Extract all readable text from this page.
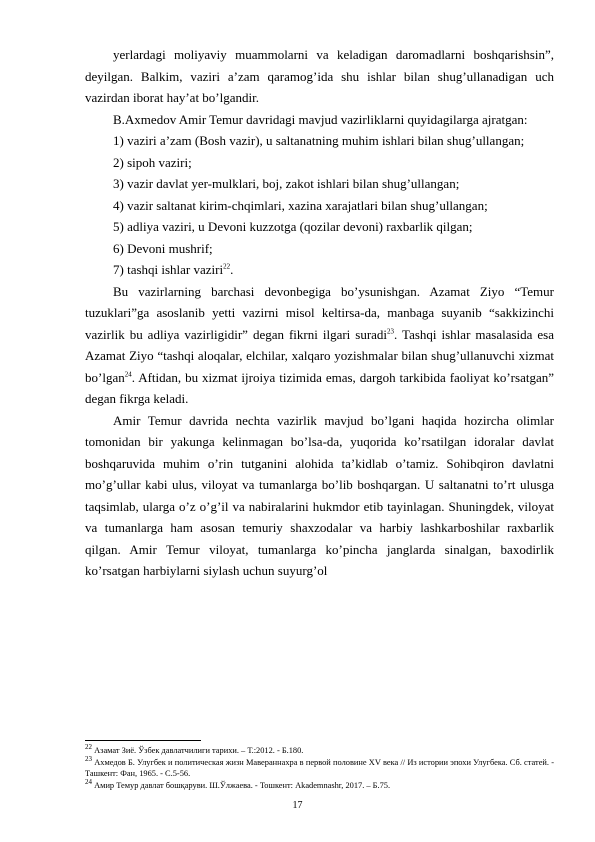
yerlardagi moliyaviy muammolarni va keladigan daromadlarni boshqarishsin”, deyilgan. Balkim, vaziri a’zam qaramog’ida shu ishlar bilan shug’ullanadigan uch vazirdan iborat hay’at bo’lgandir.

B.Axmedov Amir Temur davridagi mavjud vazirliklarni quyidagilarga ajratgan:

1) vaziri a’zam (Bosh vazir), u saltanatning muhim ishlari bilan shug’ullangan;

2) sipoh vaziri;

3) vazir davlat yer-mulklari, boj, zakot ishlari bilan shug’ullangan;

4) vazir saltanat kirim-chqimlari, xazina xarajatlari bilan shug’ullangan;

5) adliya vaziri, u Devoni kuzzotga (qozilar devoni) raxbarlik qilgan;

6) Devoni mushrif;

7) tashqi ishlar vaziri$^{22}$.

Bu vazirlarning barchasi devonbegiga bo’ysunishgan. Azamat Ziyo “Temur tuzuklari”ga asoslanib yetti vazirni misol keltirsa-da, manbaga suyanib “sakkizinchi vazirlik bu adliya vazirligidir” degan fikrni ilgari suradi$^{23}$. Tashqi ishlar masalasida esa Azamat Ziyo “tashqi aloqalar, elchilar, xalqaro yozishmalar bilan shug’ullanuvchi xizmat bo’lgan$^{24}$. Aftidan, bu xizmat ijroiya tizimida emas, dargoh tarkibida faoliyat ko’rsatgan” degan fikrga keladi.

Amir Temur davrida nechta vazirlik mavjud bo’lgani haqida hozircha olimlar tomonidan bir yakunga kelinmagan bo’lsa-da, yuqorida ko’rsatilgan idoralar davlat boshqaruvida muhim o’rin tutganini alohida ta’kidlab o’tamiz. Sohibqiron davlatni mo’g’ullar kabi ulus, viloyat va tumanlarga bo’lib boshqargan. U saltanatni to’rt ulusga taqsimlab, ularga o’z o’g’il va nabiralarini hukmdor etib tayinlagan. Shuningdek, viloyat va tumanlarga ham asosan temuriy shaxzodalar va harbiy lashkarboshilar raxbarlik qilgan. Amir Temur viloyat, tumanlarga ko’pincha janglarda sinalgan, baxodirlik ko’rsatgan harbiylarni siylash uchun suyurg’ol

$^{22}$ Азамат Зиё. Ўзбек давлатчилиги тарихи. – Т.:2012. - Б.180.

$^{23}$ Ахмедов Б. Улугбек и политическая жизн Мавераннахра в первой половине XV века // Из истории эпохи Улугбека. Сб. статей. - Ташкент: Фан, 1965. - С.5-56.

$^{24}$ Амир Темур давлат бошқаруви. Ш.Ўлжаева. - Тошкент: Akademnashr, 2017. – Б.75.

17
